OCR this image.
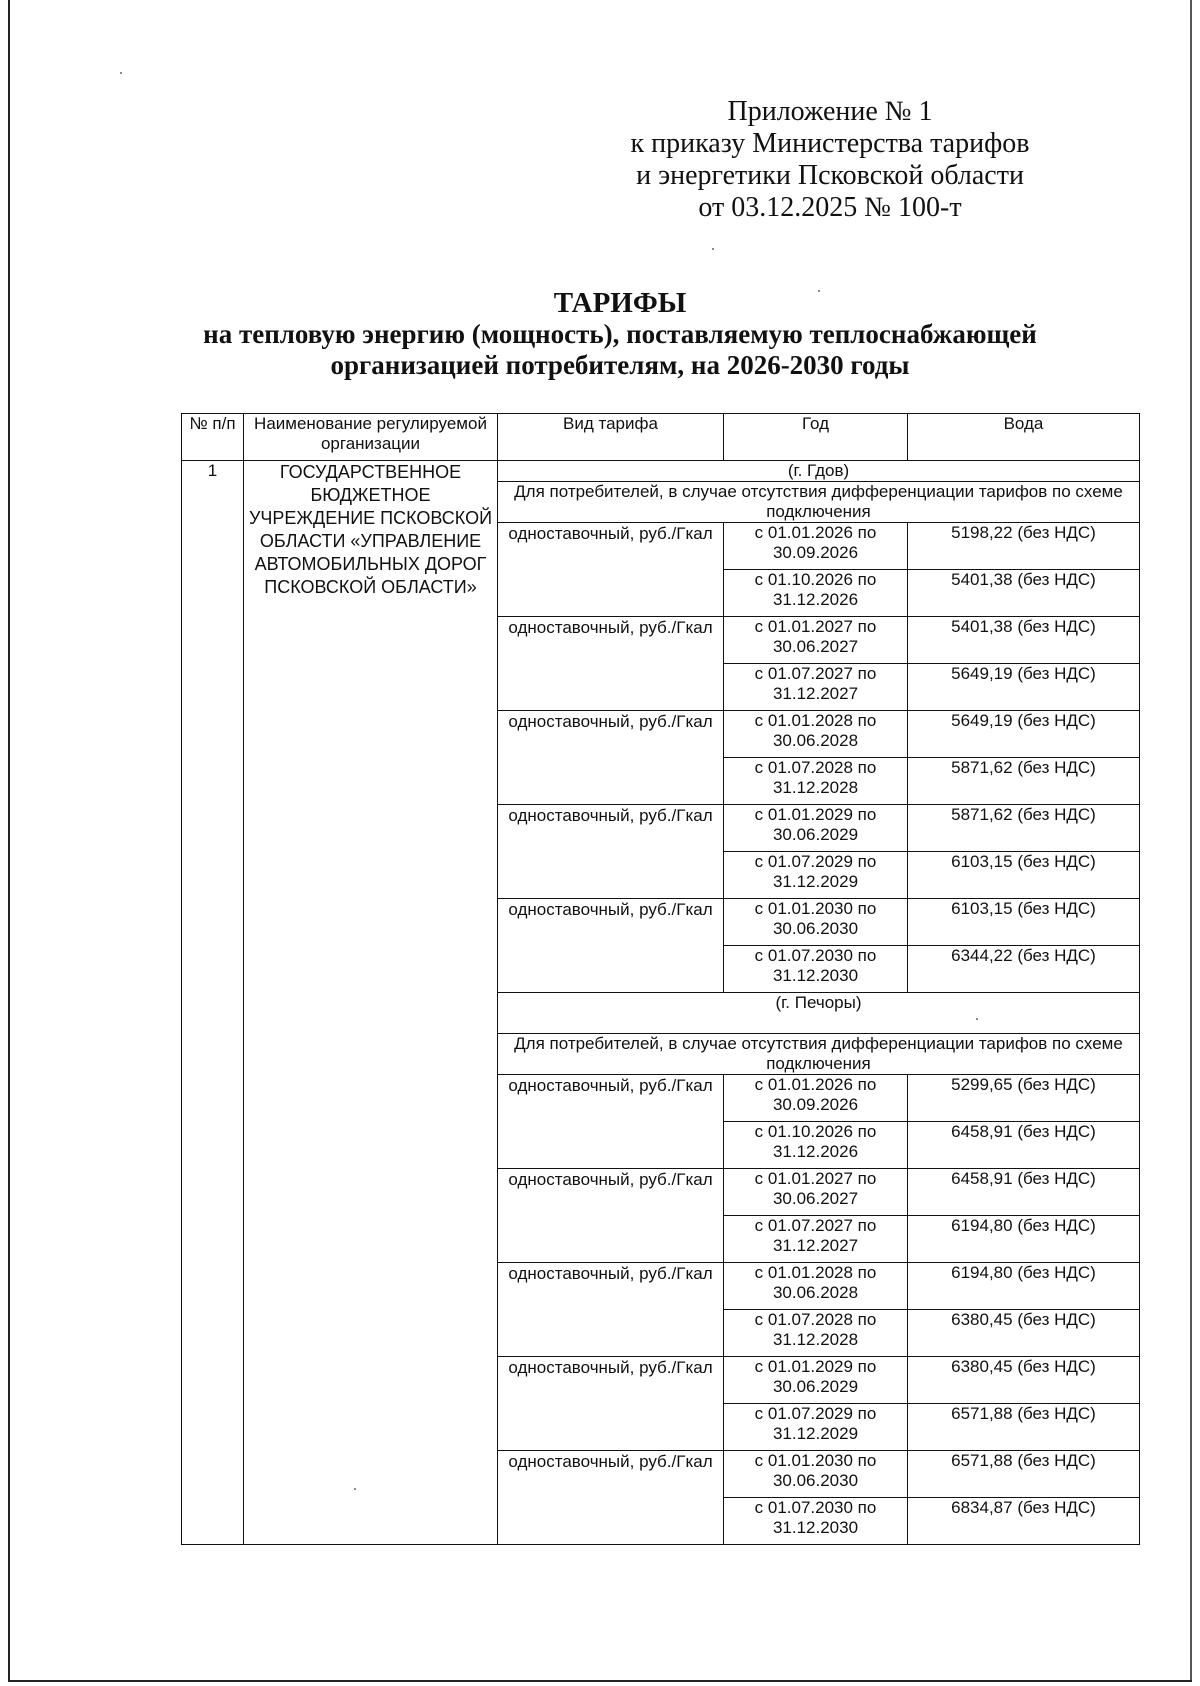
Приложение № 1
к приказу Министерства тарифов
и энергетики Псковской области
от 03.12.2025 № 100-т
ТАРИФЫ
на тепловую энергию (мощность), поставляемую теплоснабжающей
организацией потребителям, на 2026-2030 годы
№ п/п	Наименование регулируемой организации	Вид тарифа	Год	Вода
1	ГОСУДАРСТВЕННОЕ БЮДЖЕТНОЕ УЧРЕЖДЕНИЕ ПСКОВСКОЙ ОБЛАСТИ «УПРАВЛЕНИЕ АВТОМОБИЛЬНЫХ ДОРОГ ПСКОВСКОЙ ОБЛАСТИ»	(г. Гдов)		
		Для потребителей, в случае отсутствия дифференциации тарифов по схеме подключения		
		одноставочный, руб./Гкал	с 01.01.2026 по 30.09.2026	5198,22 (без НДС)
			с 01.10.2026 по 31.12.2026	5401,38 (без НДС)
		одноставочный, руб./Гкал	с 01.01.2027 по 30.06.2027	5401,38 (без НДС)
			с 01.07.2027 по 31.12.2027	5649,19 (без НДС)
		одноставочный, руб./Гкал	с 01.01.2028 по 30.06.2028	5649,19 (без НДС)
			с 01.07.2028 по 31.12.2028	5871,62 (без НДС)
		одноставочный, руб./Гкал	с 01.01.2029 по 30.06.2029	5871,62 (без НДС)
			с 01.07.2029 по 31.12.2029	6103,15 (без НДС)
		одноставочный, руб./Гкал	с 01.01.2030 по 30.06.2030	6103,15 (без НДС)
			с 01.07.2030 по 31.12.2030	6344,22 (без НДС)
		(г. Печоры)		
		Для потребителей, в случае отсутствия дифференциации тарифов по схеме подключения		
		одноставочный, руб./Гкал	с 01.01.2026 по 30.09.2026	5299,65 (без НДС)
			с 01.10.2026 по 31.12.2026	6458,91 (без НДС)
		одноставочный, руб./Гкал	с 01.01.2027 по 30.06.2027	6458,91 (без НДС)
			с 01.07.2027 по 31.12.2027	6194,80 (без НДС)
		одноставочный, руб./Гкал	с 01.01.2028 по 30.06.2028	6194,80 (без НДС)
			с 01.07.2028 по 31.12.2028	6380,45 (без НДС)
		одноставочный, руб./Гкал	с 01.01.2029 по 30.06.2029	6380,45 (без НДС)
			с 01.07.2029 по 31.12.2029	6571,88 (без НДС)
		одноставочный, руб./Гкал	с 01.01.2030 по 30.06.2030	6571,88 (без НДС)
			с 01.07.2030 по 31.12.2030	6834,87 (без НДС)
